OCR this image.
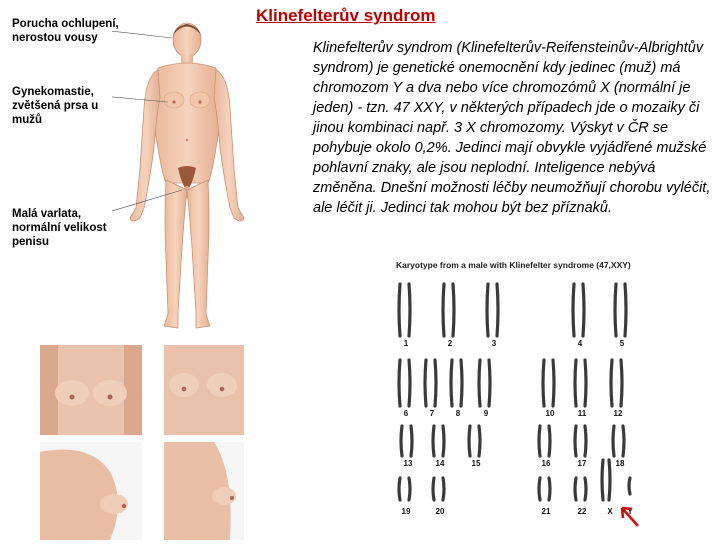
Klinefelterův syndrom
Klinefelterův syndrom (Klinefelterův-Reifensteinův-Albrightův syndrom) je genetické onemocnění kdy jedinec (muž) má chromozom Y a dva nebo více chromozómů X (normální je jeden) - tzn. 47 XXY, v některých případech jde o mozaiky či jinou kombinaci např. 3 X chromozomy. Výskyt v ČR se pohybuje okolo 0,2%. Jedinci mají obvykle vyjádřené mužské pohlavní znaky, ale jsou neplodní. Inteligence nebývá změněna. Dnešní možnosti léčby neumožňují chorobu vyléčit, ale léčit ji. Jedinci tak mohou být bez příznaků.
Porucha ochlupení, nerostou vousy
Gynekomastie, zvětšená prsa u mužů
Malá varlata, normální velikost penisu
1	2	3	4	5
6	7	8	9	10	11	12
13	14	15	16	17	18
19	20	21	22	X Y
Karyotype from a male with Klinefelter syndrome (47,XXY)
